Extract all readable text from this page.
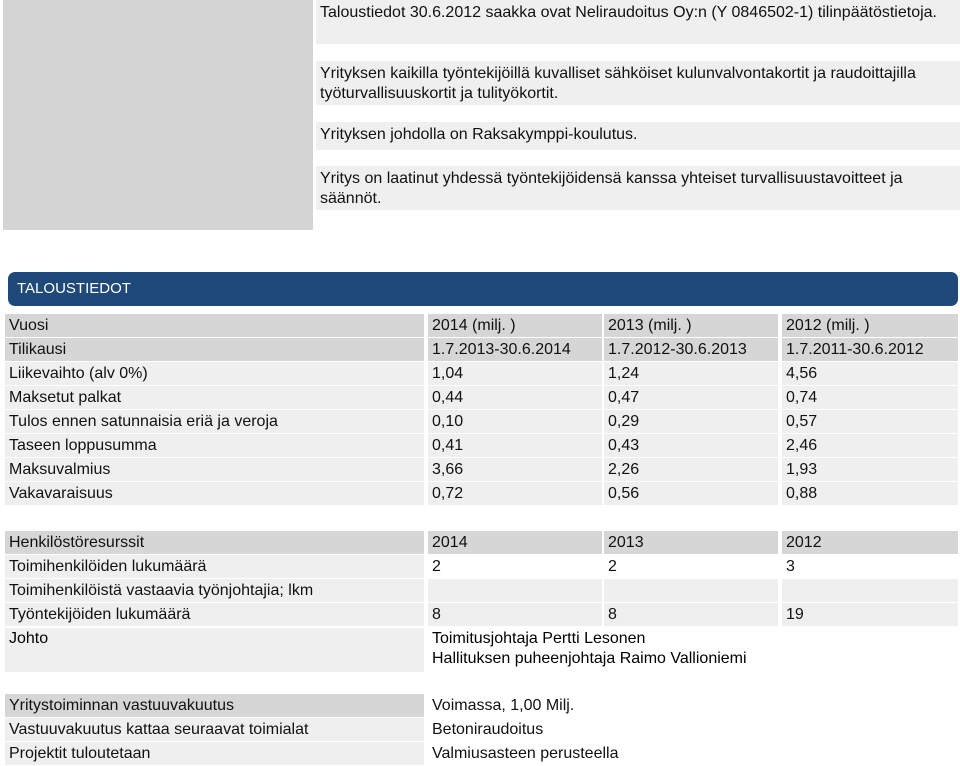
Taloustiedot 30.6.2012 saakka ovat Neliraudoitus Oy:n (Y 0846502-1) tilinpäätöstietoja.
Yrityksen kaikilla työntekijöillä kuvalliset sähköiset kulunvalvontakortit ja raudoittajilla työturvallisuuskortit ja tulityökortit.
Yrityksen johdolla on Raksakymppi-koulutus.
Yritys on laatinut yhdessä työntekijöidensä kanssa yhteiset turvallisuustavoitteet ja säännöt.
TALOUSTIEDOT
Vuosi	2014 (milj. )	2013 (milj. )	2012 (milj. )
Tilikausi	1.7.2013-30.6.2014	1.7.2012-30.6.2013	1.7.2011-30.6.2012
Liikevaihto (alv 0%)	1,04	1,24	4,56
Maksetut palkat	0,44	0,47	0,74
Tulos ennen satunnaisia eriä ja veroja	0,10	0,29	0,57
Taseen loppusumma	0,41	0,43	2,46
Maksuvalmius	3,66	2,26	1,93
Vakavaraisuus	0,72	0,56	0,88
Henkilöstöresurssit	2014	2013	2012
Toimihenkilöiden lukumäärä	2	2	3
Toimihenkilöistä vastaavia työnjohtajia; lkm
Työntekijöiden lukumäärä	8	8	19
Johto	Toimitusjohtaja Pertti Lesonen
Hallituksen puheenjohtaja Raimo Vallioniemi
Yritystoiminnan vastuuvakuutus	Voimassa, 1,00 Milj.
Vastuuvakuutus kattaa seuraavat toimialat	Betoniraudoitus
Projektit tuloutetaan	Valmiusasteen perusteella
